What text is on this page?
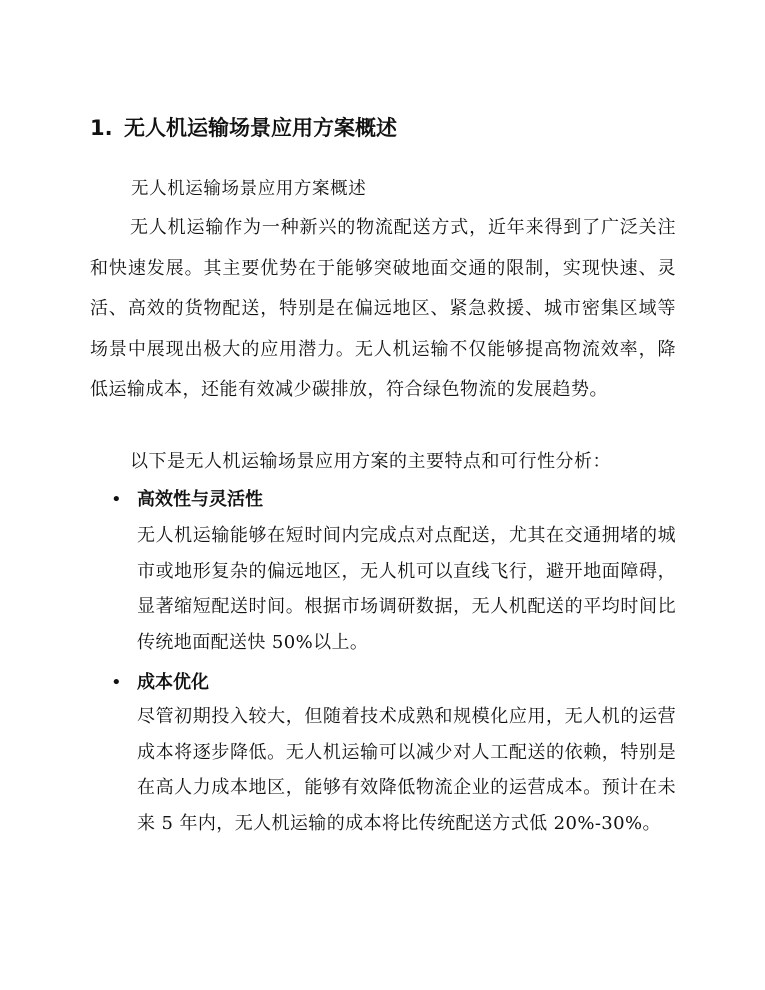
1. 无人机运输场景应用方案概述
无人机运输场景应用方案概述

无人机运输作为一种新兴的物流配送方式，近年来得到了广泛关注和快速发展。其主要优势在于能够突破地面交通的限制，实现快速、灵活、高效的货物配送，特别是在偏远地区、紧急救援、城市密集区域等场景中展现出极大的应用潜力。无人机运输不仅能够提高物流效率，降低运输成本，还能有效减少碳排放，符合绿色物流的发展趋势。

以下是无人机运输场景应用方案的主要特点和可行性分析：

• 高效性与灵活性

无人机运输能够在短时间内完成点对点配送，尤其在交通拥堵的城市或地形复杂的偏远地区，无人机可以直线飞行，避开地面障碍，显著缩短配送时间。根据市场调研数据，无人机配送的平均时间比传统地面配送快 50%以上。

• 成本优化

尽管初期投入较大，但随着技术成熟和规模化应用，无人机的运营成本将逐步降低。无人机运输可以减少对人工配送的依赖，特别是在高人力成本地区，能够有效降低物流企业的运营成本。预计在未来 5 年内，无人机运输的成本将比传统配送方式低 20%-30%。
